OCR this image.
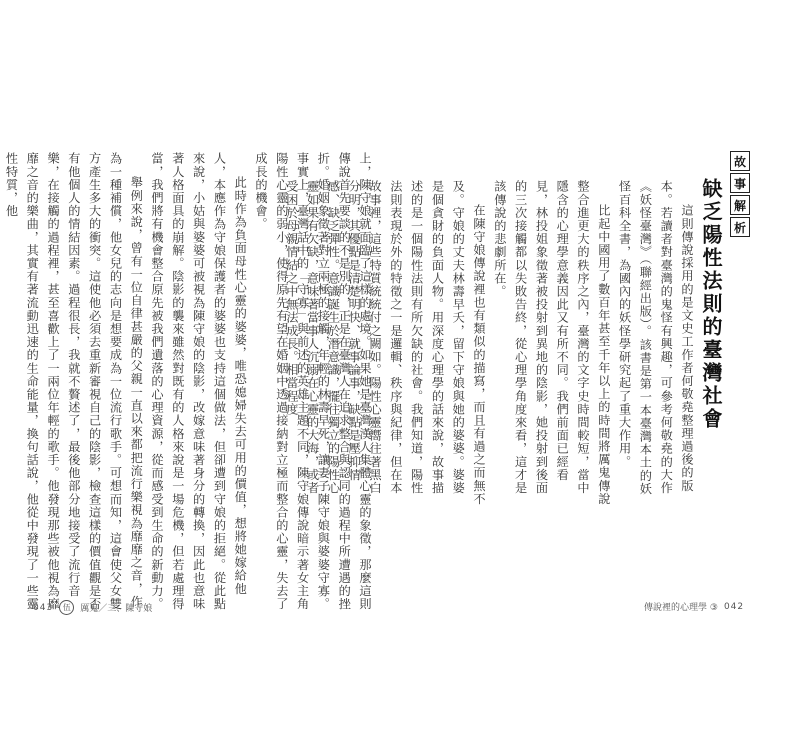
故
事
解
析
缺乏陽性法則的臺灣社會

這則傳說採用的是文史工作者何敬堯整理過後的版本。若讀者對臺灣的鬼怪有興趣，可參考何敬堯的大作《妖怪臺灣》（聯經出版）。該書是第一本臺灣本土的妖怪百科全書，為國內的妖怪學研究起了重大作用。

比起中國用了數百年甚至千年以上的時間將厲鬼傳說整合進更大的秩序之內，臺灣的文字史時間較短，當中隱含的心理學意義因此又有所不同。我們前面已經看見，林投姐象徵著被投射到異地的陰影，她投射到後面的三次接觸都以失敗告終，從心理學角度來看，這才是該傳說的悲劇所在。

在陳守娘傳說裡也有類似的描寫，而且有過之而無不及。守娘的丈夫林壽早夭，留下守娘與她的婆婆。婆婆是個貪財的負面人物。用深度心理學的話來說，故事描述的是一個陽性法則有所欠缺的社會。我們知道，陽性法則表現於外的特徵之一是邏輯、秩序與紀律，但在本故事裡，這些特質統統付之闕如。陽性心靈嚮往著黑白分明，其優點是清楚明快、就事論事，缺點是壓抑情感、缺乏彈性。意識誕生於潛意識，擺往獨立的陽性心靈如果有欠缺，意味著當事人沉溺在心靈的大海，或者受困於母親情結之中無法成長。相當程度	上，陳守娘就面臨了這樣的處境。如果她是臺灣漢人集體心靈的象徵，那麼這則傳說首先要談的不是別的，正是在臺灣人在追求整合與認同的過程中所遭遇的挫折。婚姻象徵著對立兩極的接觸，年輕的林壽早死，讓妻子陳守娘與婆婆守寡。事實上，臺灣話中的「守寡」與前述的英雄主題不同，陳守娘傳說暗示著女主角陽性心靈的弱小，使得原先有望在婚姻中透過接納對立極而整合的心靈，失去了成長的機會。

此時作為負面母性心靈的婆婆，唯恐媳婦失去可用的價值，想將她嫁給他人，本應作為守娘保護者的婆婆也支持這個做法，但卻遭到守娘的拒絕。從此點來說，小姑與婆婆可被視為陳守娘的陰影，改嫁意味著身分的轉換，因此也意味著人格面具的崩解。陰影的襲來雖然對既有的人格來說是一場危機，但若處理得當，我們將有機會整合原先被我們遺落的心理資源，從而感受到生命的新動力。

舉例來說，曾有一位自律甚嚴的父親一直以來都把流行樂視為靡靡之音，作為一種補償，他女兒的志向是想要成為一位流行歌手。可想而知，這會使父女雙方產生多大的衝突。這使他必須去重新審視自己的陰影，檢查這樣的價值觀是否有他個人的情結因素。過程很長，我就不贅述了，最後他部分地接受了流行音樂，在接觸的過程裡，甚至喜歡上了一兩位年輕的歌手。他發現那些被他視為靡靡之音的樂曲，其實有著流動迅速的生命能量，換句話說，他從中發現了一些靈性特質，他

043	伍	厲鬼／三、陳守娘	傳說裡的心理學 ③ 042
